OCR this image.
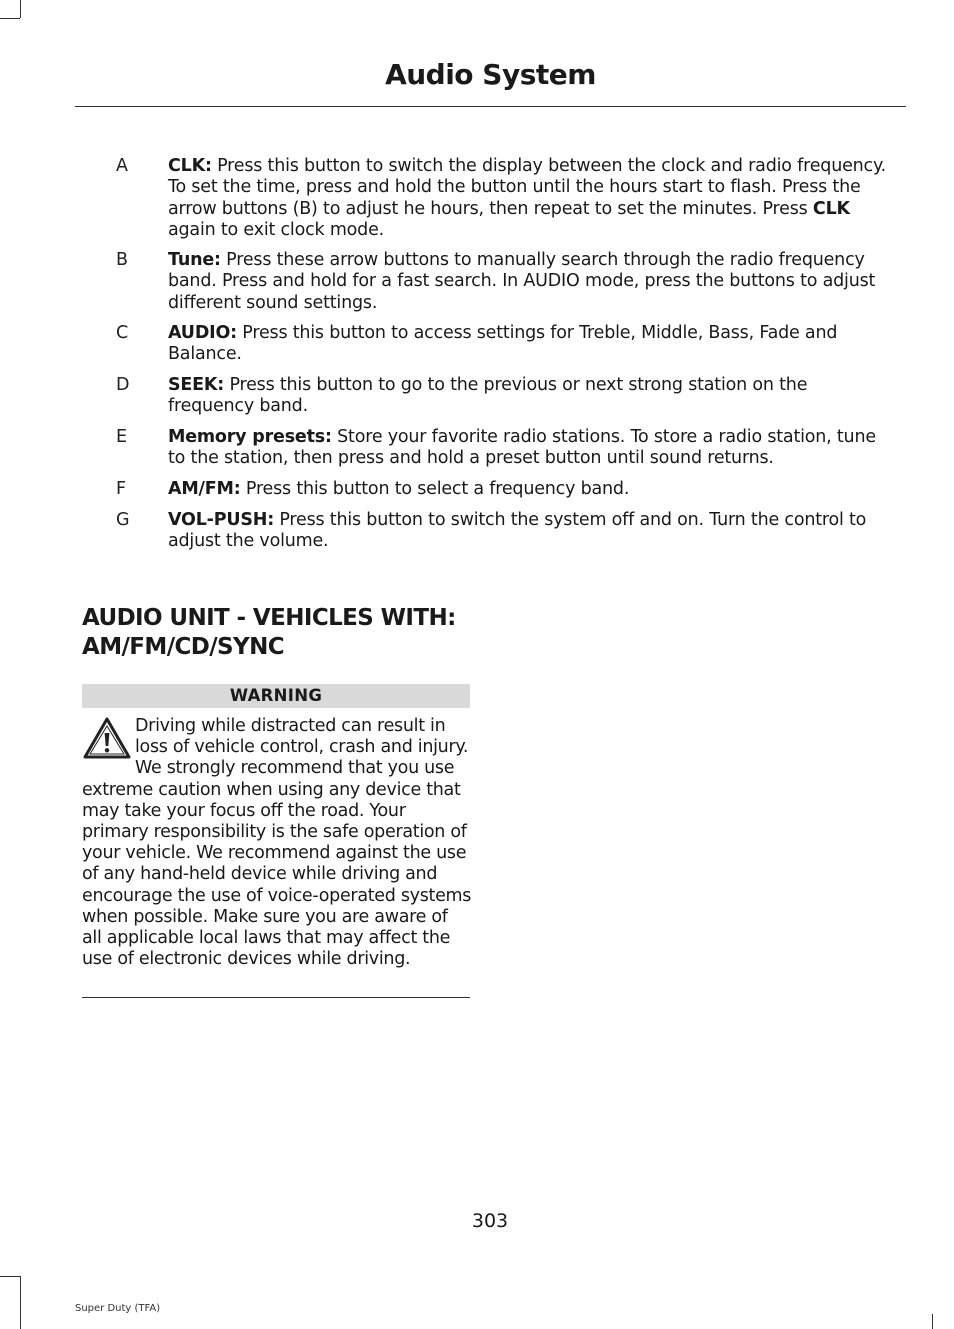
Audio System
A CLK: Press this button to switch the display between the clock and radio frequency. To set the time, press and hold the button until the hours start to flash. Press the arrow buttons (B) to adjust he hours, then repeat to set the minutes. Press CLK again to exit clock mode.
B Tune: Press these arrow buttons to manually search through the radio frequency band. Press and hold for a fast search. In AUDIO mode, press the buttons to adjust different sound settings.
C AUDIO: Press this button to access settings for Treble, Middle, Bass, Fade and Balance.
D SEEK: Press this button to go to the previous or next strong station on the frequency band.
E Memory presets: Store your favorite radio stations. To store a radio station, tune to the station, then press and hold a preset button until sound returns.
F AM/FM: Press this button to select a frequency band.
G VOL-PUSH: Press this button to switch the system off and on. Turn the control to adjust the volume.
AUDIO UNIT - VEHICLES WITH:
AM/FM/CD/SYNC
WARNING
Driving while distracted can result in loss of vehicle control, crash and injury. We strongly recommend that you use extreme caution when using any device that may take your focus off the road. Your primary responsibility is the safe operation of your vehicle. We recommend against the use of any hand-held device while driving and encourage the use of voice-operated systems when possible. Make sure you are aware of all applicable local laws that may affect the use of electronic devices while driving.
303
Super Duty (TFA)
